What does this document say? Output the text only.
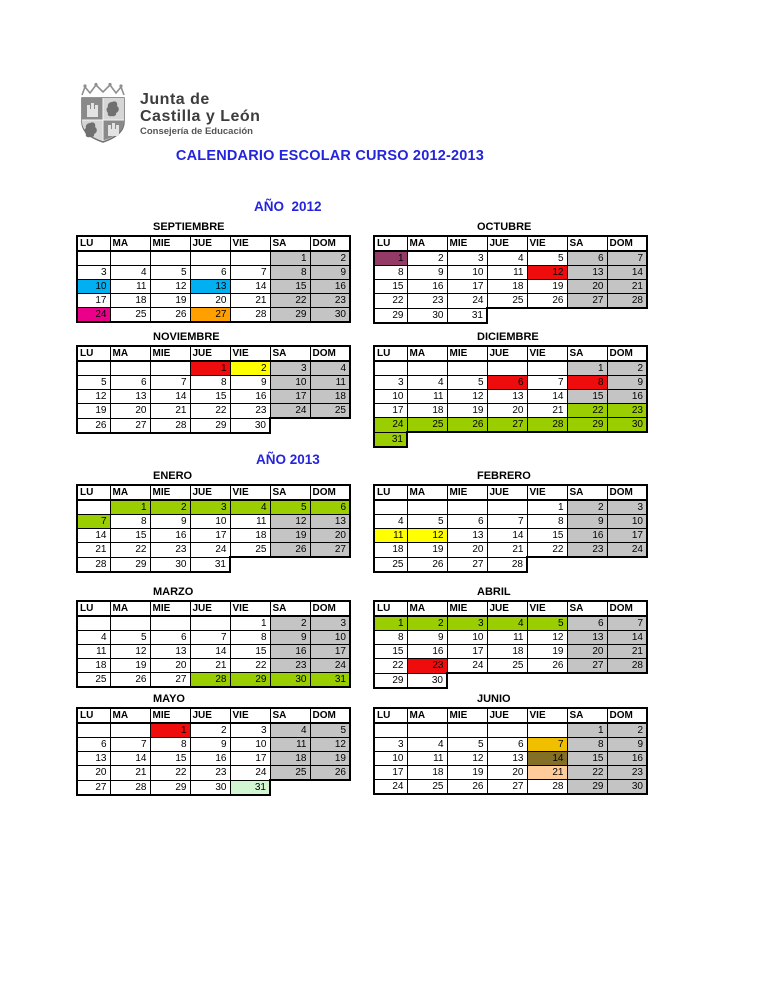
Junta de
Castilla y León
Consejería de Educación
CALENDARIO ESCOLAR CURSO 2012-2013
AÑO  2012
AÑO 2013
SEPTIEMBRE
LU	MA	MIE	JUE	VIE	SA	DOM
					1	2
3	4	5	6	7	8	9
10	11	12	13	14	15	16
17	18	19	20	21	22	23
24	25	26	27	28	29	30
OCTUBRE
LU	MA	MIE	JUE	VIE	SA	DOM
1	2	3	4	5	6	7
8	9	10	11	12	13	14
15	16	17	18	19	20	21
22	23	24	25	26	27	28
29	30	31				
NOVIEMBRE
LU	MA	MIE	JUE	VIE	SA	DOM
			1	2	3	4
5	6	7	8	9	10	11
12	13	14	15	16	17	18
19	20	21	22	23	24	25
26	27	28	29	30		
DICIEMBRE
LU	MA	MIE	JUE	VIE	SA	DOM
					1	2
3	4	5	6	7	8	9
10	11	12	13	14	15	16
17	18	19	20	21	22	23
24	25	26	27	28	29	30
31						
ENERO
LU	MA	MIE	JUE	VIE	SA	DOM
	1	2	3	4	5	6
7	8	9	10	11	12	13
14	15	16	17	18	19	20
21	22	23	24	25	26	27
28	29	30	31			
FEBRERO
LU	MA	MIE	JUE	VIE	SA	DOM
				1	2	3
4	5	6	7	8	9	10
11	12	13	14	15	16	17
18	19	20	21	22	23	24
25	26	27	28			
MARZO
LU	MA	MIE	JUE	VIE	SA	DOM
				1	2	3
4	5	6	7	8	9	10
11	12	13	14	15	16	17
18	19	20	21	22	23	24
25	26	27	28	29	30	31
ABRIL
LU	MA	MIE	JUE	VIE	SA	DOM
1	2	3	4	5	6	7
8	9	10	11	12	13	14
15	16	17	18	19	20	21
22	23	24	25	26	27	28
29	30					
MAYO
LU	MA	MIE	JUE	VIE	SA	DOM
		1	2	3	4	5
6	7	8	9	10	11	12
13	14	15	16	17	18	19
20	21	22	23	24	25	26
27	28	29	30	31		
JUNIO
LU	MA	MIE	JUE	VIE	SA	DOM
					1	2
3	4	5	6	7	8	9
10	11	12	13	14	15	16
17	18	19	20	21	22	23
24	25	26	27	28	29	30
